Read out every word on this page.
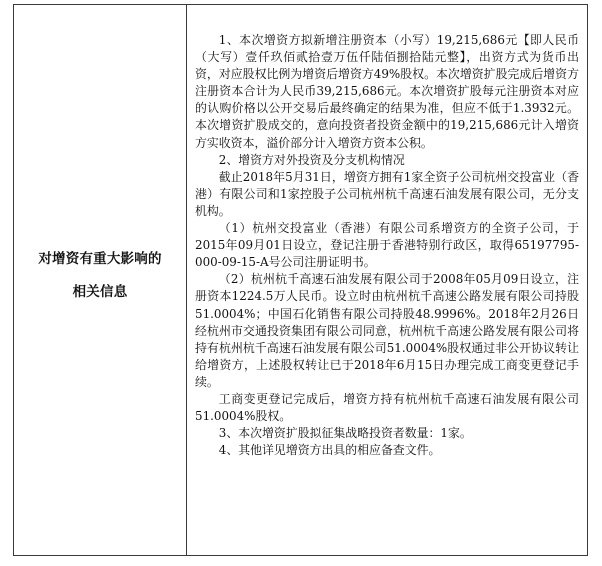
对增资有重大影响的
相关信息

1、本次增资方拟新增注册资本（小写）19,215,686元【即人民币（大写）壹仟玖佰贰拾壹万伍仟陆佰捌拾陆元整】，出资方式为货币出资，对应股权比例为增资后增资方49%股权。本次增资扩股完成后增资方注册资本合计为人民币39,215,686元。本次增资扩股每元注册资本对应的认购价格以公开交易后最终确定的结果为准，但应不低于1.3932元。本次增资扩股成交的，意向投资者投资金额中的19,215,686元计入增资方实收资本，溢价部分计入增资方资本公积。

2、增资方对外投资及分支机构情况

截止2018年5月31日，增资方拥有1家全资子公司杭州交投富业（香港）有限公司和1家控股子公司杭州杭千高速石油发展有限公司，无分支机构。

（1）杭州交投富业（香港）有限公司系增资方的全资子公司，于2015年09月01日设立，登记注册于香港特别行政区，取得65197795-000-09-15-A号公司注册证明书。

（2）杭州杭千高速石油发展有限公司于2008年05月09日设立，注册资本1224.5万人民币。设立时由杭州杭千高速公路发展有限公司持股51.0004%；中国石化销售有限公司持股48.9996%。2018年2月26日经杭州市交通投资集团有限公司同意，杭州杭千高速公路发展有限公司将持有杭州杭千高速石油发展有限公司51.0004%股权通过非公开协议转让给增资方，上述股权转让已于2018年6月15日办理完成工商变更登记手续。

工商变更登记完成后，增资方持有杭州杭千高速石油发展有限公司51.0004%股权。

3、本次增资扩股拟征集战略投资者数量：1家。

4、其他详见增资方出具的相应备查文件。
